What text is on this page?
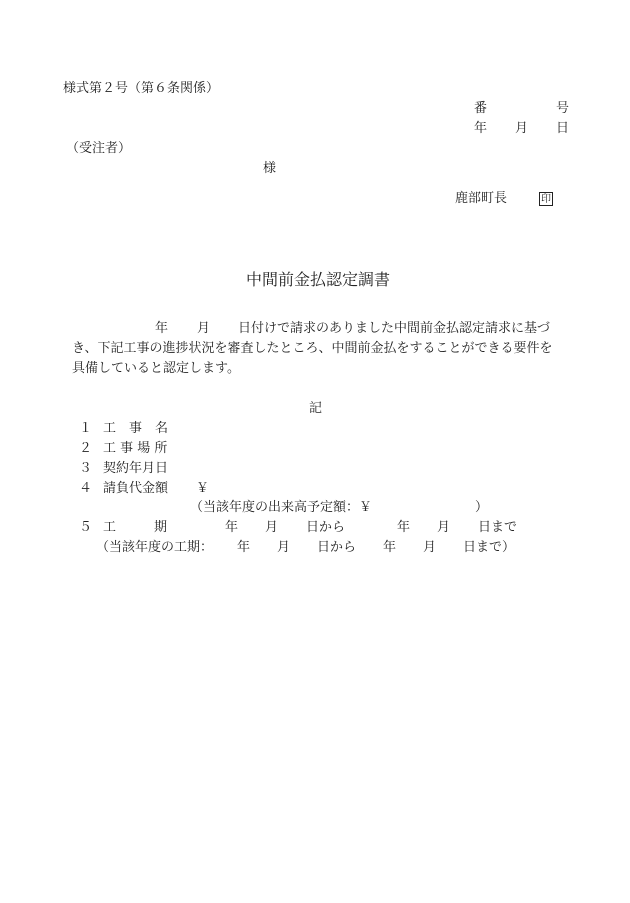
様式第２号（第６条関係）
番	号
年 月 日
（受注者）
様
鹿部町長	印
中間前金払認定調書
年 月 日付けで請求のありました中間前金払認定請求に基づ
き、下記工事の進捗状況を審査したところ、中間前金払をすることができる要件を
具備していると認定します。
記
１ 工　事　名
２ 工 事 場 所
３ 契約年月日
４ 請負代金額 ￥
（当該年度の出来高予定額：￥	）
５ 工	期	年 月 日から	年 月 日まで
（当該年度の工期： 年 月 日から 年 月 日まで）
